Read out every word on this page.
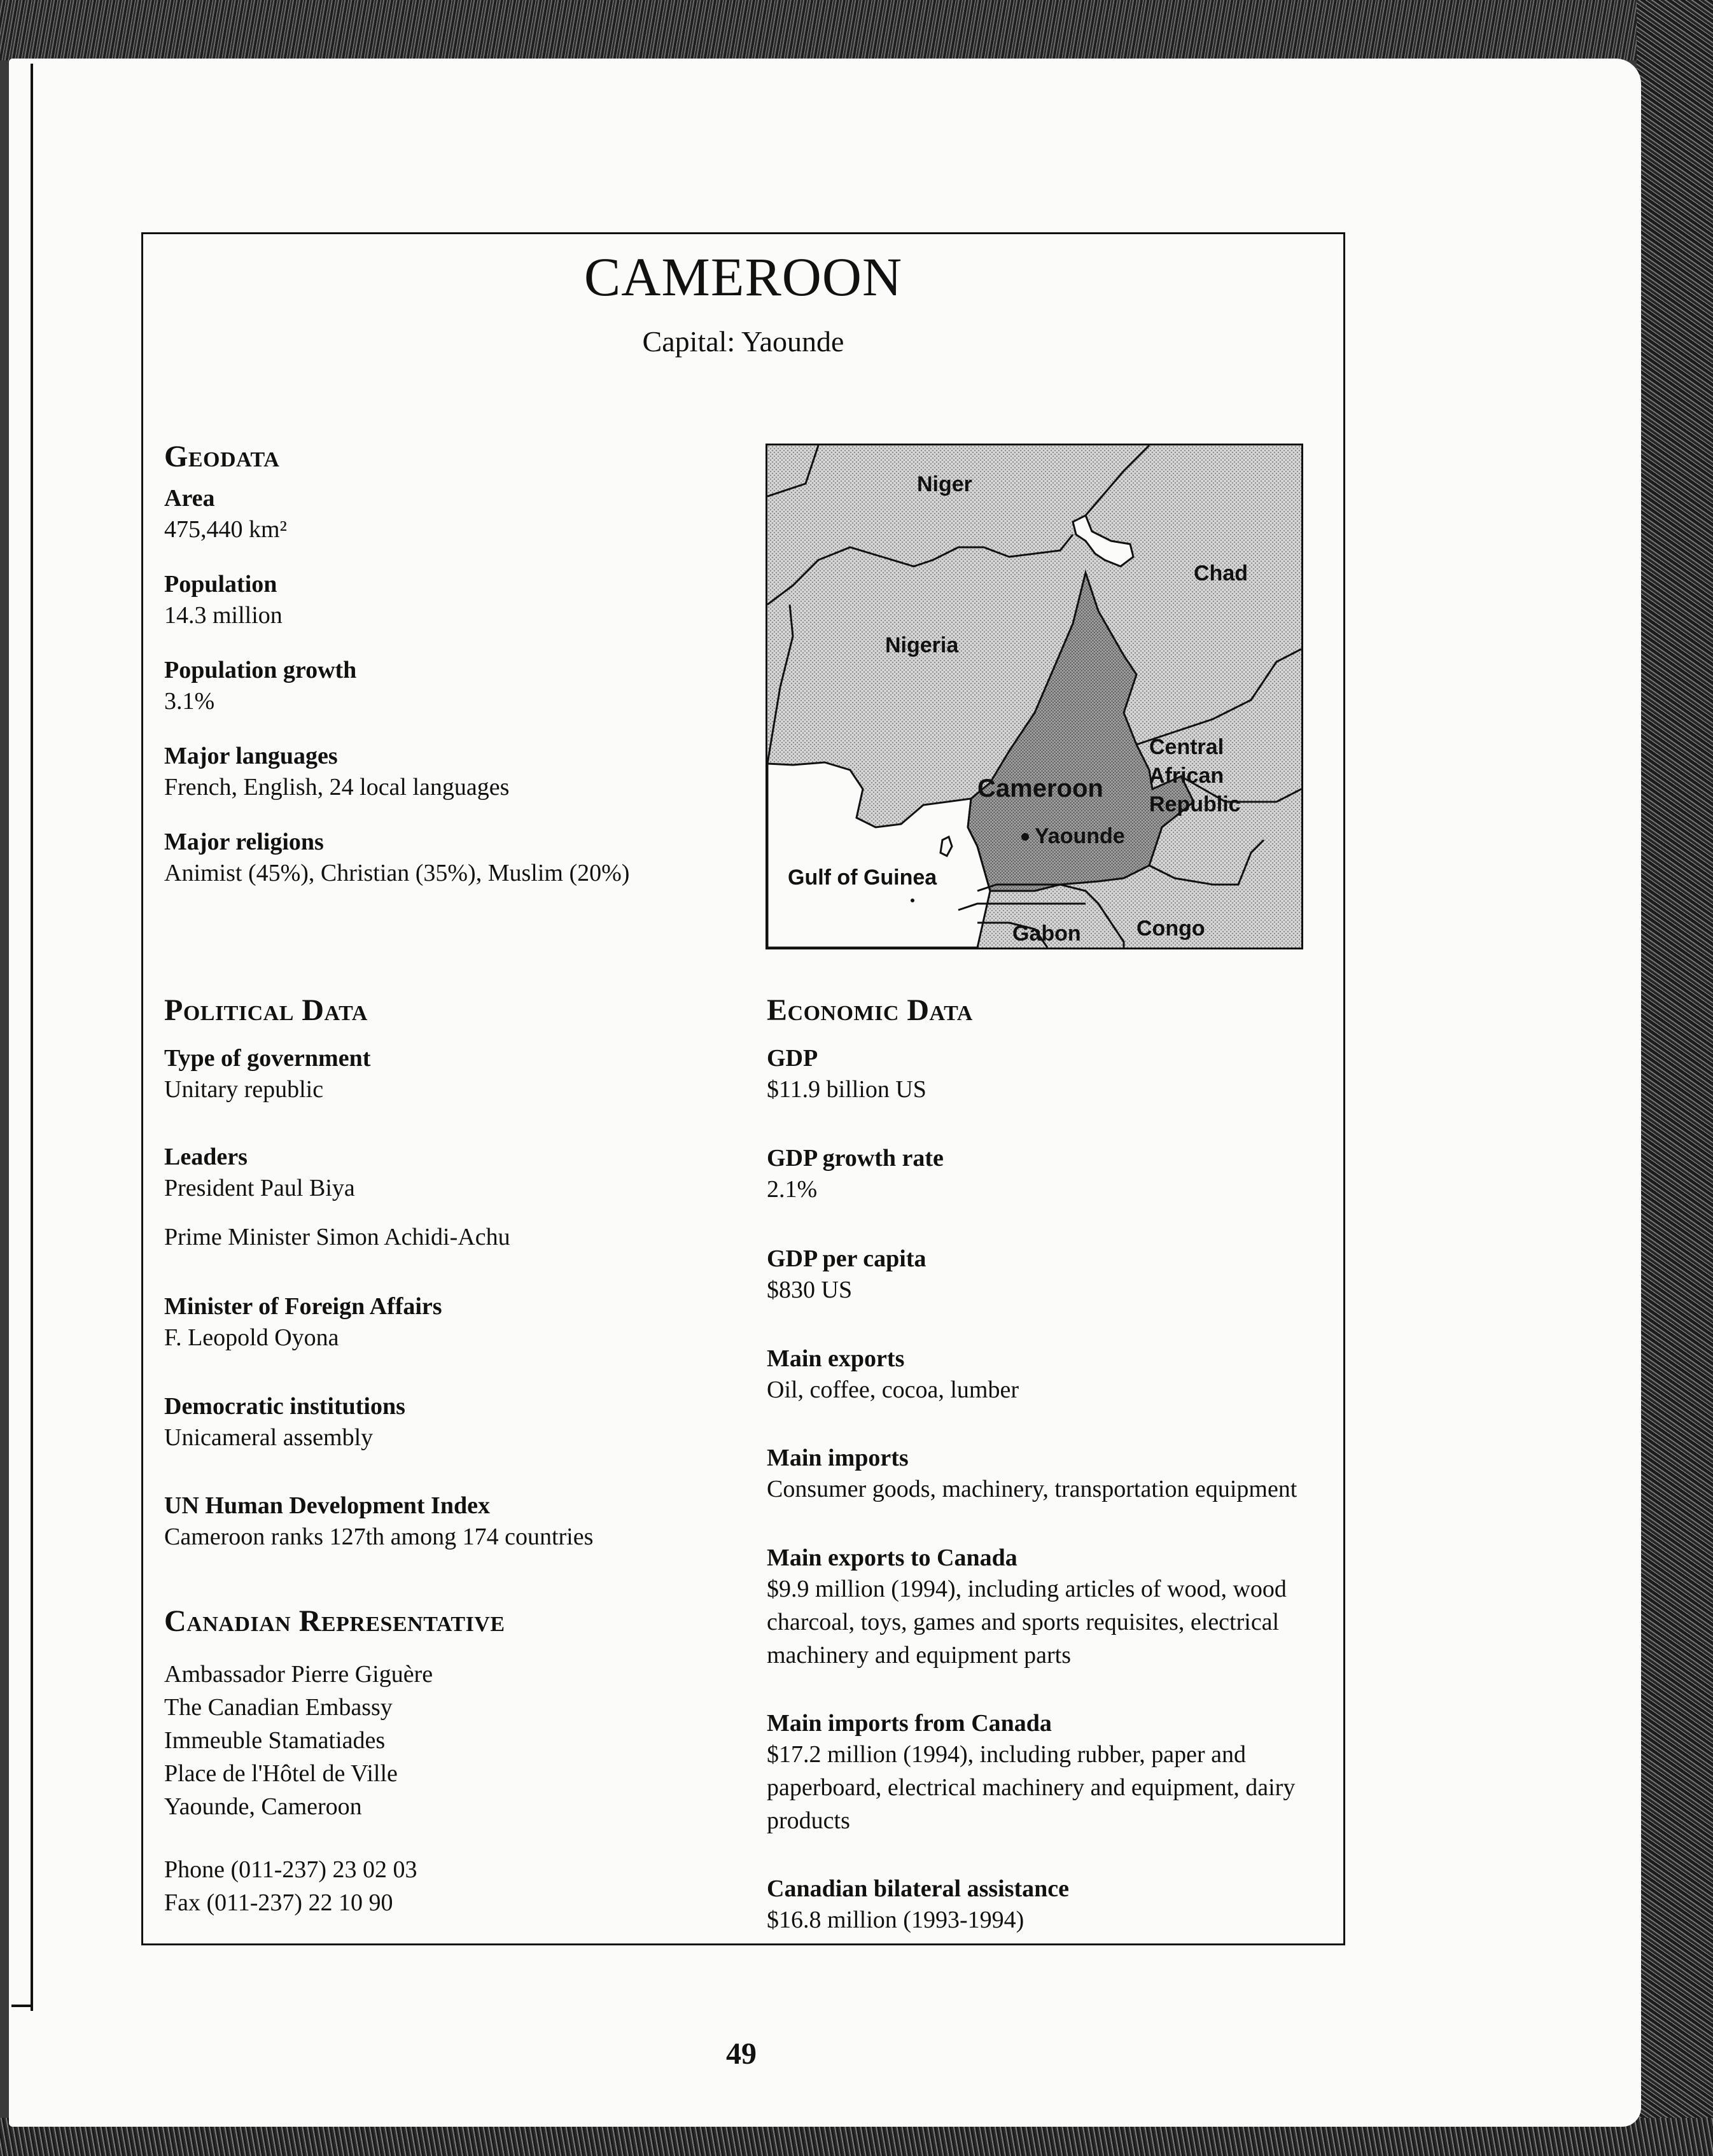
CAMEROON
Capital: Yaounde
Geodata
Area
475,440 km²
Population
14.3 million
Population growth
3.1%
Major languages
French, English, 24 local languages
Major religions
Animist (45%), Christian (35%), Muslim (20%)
Niger
Chad
Nigeria
Cameroon
Central
African
Republic
Yaounde
Gulf of Guinea
Gabon	Congo
Political Data
Type of government
Unitary republic
Leaders
President Paul Biya
Prime Minister Simon Achidi-Achu
Minister of Foreign Affairs
F. Leopold Oyona
Democratic institutions
Unicameral assembly
UN Human Development Index
Cameroon ranks 127th among 174 countries
Canadian Representative
Ambassador Pierre Giguère
The Canadian Embassy
Immeuble Stamatiades
Place de l'Hôtel de Ville
Yaounde, Cameroon
Phone (011-237) 23 02 03
Fax (011-237) 22 10 90
Economic Data
GDP
$11.9 billion US
GDP growth rate
2.1%
GDP per capita
$830 US
Main exports
Oil, coffee, cocoa, lumber
Main imports
Consumer goods, machinery, transportation equipment
Main exports to Canada
$9.9 million (1994), including articles of wood, wood
charcoal, toys, games and sports requisites, electrical
machinery and equipment parts
Main imports from Canada
$17.2 million (1994), including rubber, paper and
paperboard, electrical machinery and equipment, dairy
products
Canadian bilateral assistance
$16.8 million (1993-1994)
49
